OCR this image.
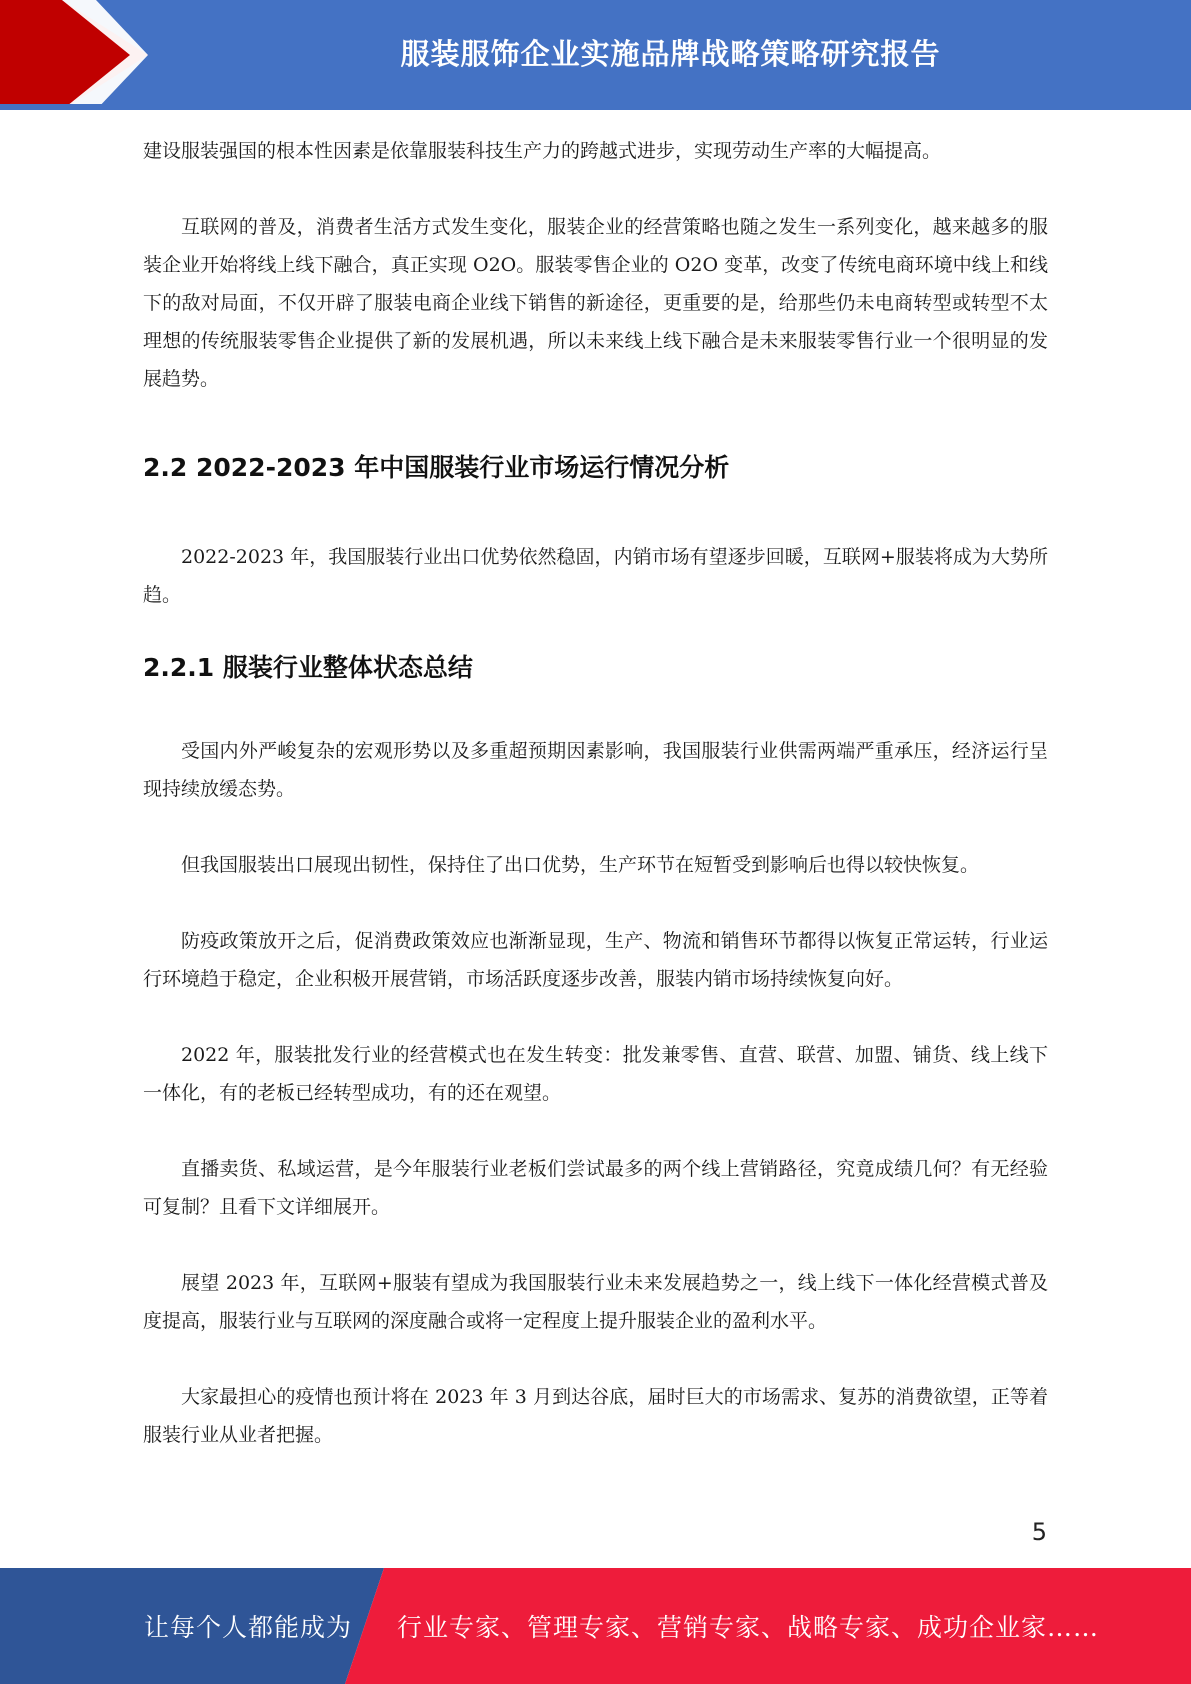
服装服饰企业实施品牌战略策略研究报告

建设服装强国的根本性因素是依靠服装科技生产力的跨越式进步，实现劳动生产率的大幅提高。

互联网的普及，消费者生活方式发生变化，服装企业的经营策略也随之发生一系列变化，越来越多的服装企业开始将线上线下融合，真正实现 O2O。服装零售企业的 O2O 变革，改变了传统电商环境中线上和线下的敌对局面，不仅开辟了服装电商企业线下销售的新途径，更重要的是，给那些仍未电商转型或转型不太理想的传统服装零售企业提供了新的发展机遇，所以未来线上线下融合是未来服装零售行业一个很明显的发展趋势。

2.2 2022-2023 年中国服装行业市场运行情况分析

2022-2023 年，我国服装行业出口优势依然稳固，内销市场有望逐步回暖，互联网+服装将成为大势所趋。

2.2.1 服装行业整体状态总结

受国内外严峻复杂的宏观形势以及多重超预期因素影响，我国服装行业供需两端严重承压，经济运行呈现持续放缓态势。

但我国服装出口展现出韧性，保持住了出口优势，生产环节在短暂受到影响后也得以较快恢复。

防疫政策放开之后，促消费政策效应也渐渐显现，生产、物流和销售环节都得以恢复正常运转，行业运行环境趋于稳定，企业积极开展营销，市场活跃度逐步改善，服装内销市场持续恢复向好。

2022 年，服装批发行业的经营模式也在发生转变：批发兼零售、直营、联营、加盟、铺货、线上线下一体化，有的老板已经转型成功，有的还在观望。

直播卖货、私域运营，是今年服装行业老板们尝试最多的两个线上营销路径，究竟成绩几何？有无经验可复制？且看下文详细展开。

展望 2023 年，互联网+服装有望成为我国服装行业未来发展趋势之一，线上线下一体化经营模式普及度提高，服装行业与互联网的深度融合或将一定程度上提升服装企业的盈利水平。

大家最担心的疫情也预计将在 2023 年 3 月到达谷底，届时巨大的市场需求、复苏的消费欲望，正等着服装行业从业者把握。

5
让每个人都能成为 行业专家、管理专家、营销专家、战略专家、成功企业家……
